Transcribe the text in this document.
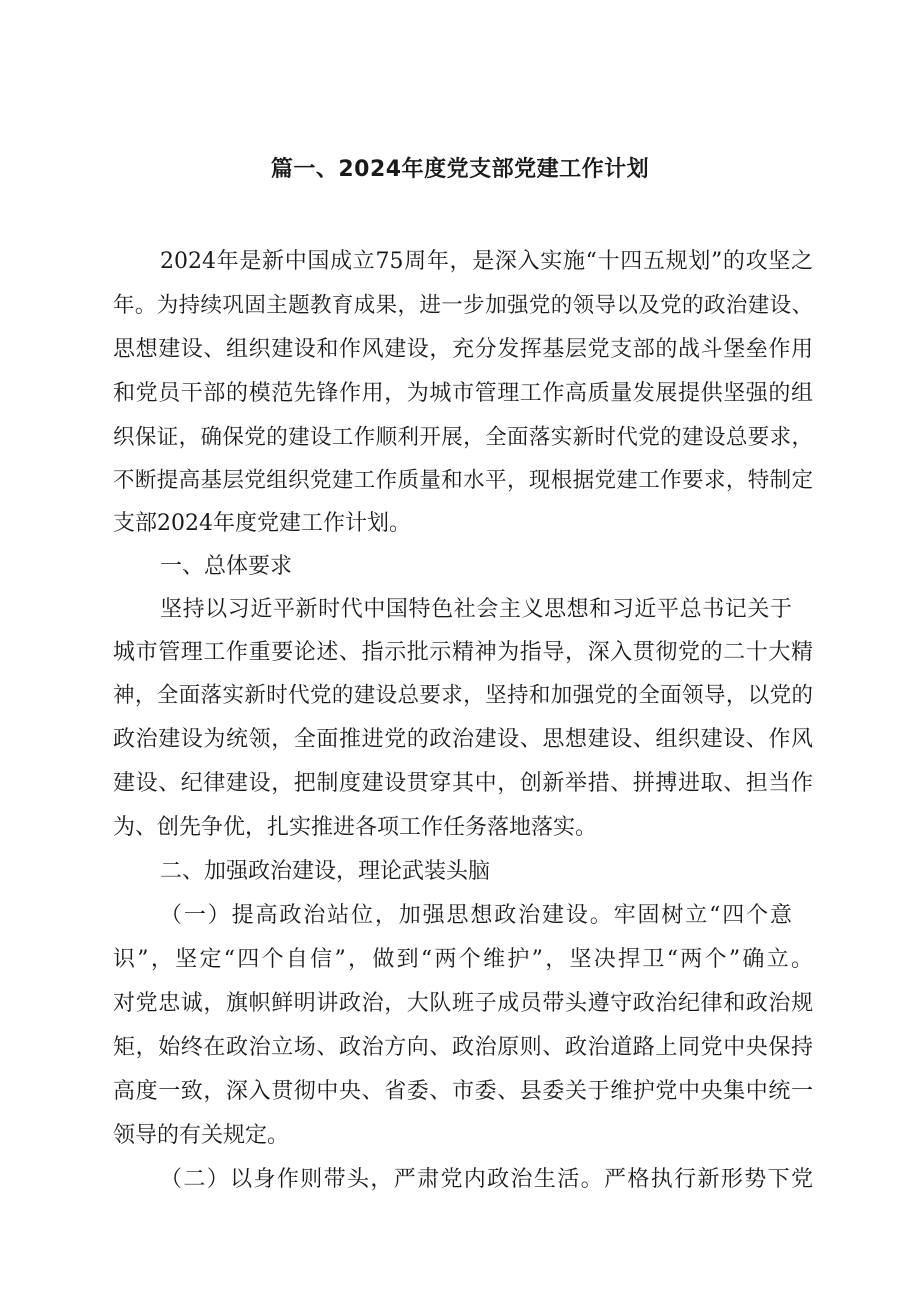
篇一、2024年度党支部党建工作计划
2024年是新中国成立75周年，是深入实施“十四五规划”的攻坚之
年。为持续巩固主题教育成果，进一步加强党的领导以及党的政治建设、
思想建设、组织建设和作风建设，充分发挥基层党支部的战斗堡垒作用
和党员干部的模范先锋作用，为城市管理工作高质量发展提供坚强的组
织保证，确保党的建设工作顺利开展，全面落实新时代党的建设总要求，
不断提高基层党组织党建工作质量和水平，现根据党建工作要求，特制定
支部2024年度党建工作计划。
一、总体要求
坚持以习近平新时代中国特色社会主义思想和习近平总书记关于
城市管理工作重要论述、指示批示精神为指导，深入贯彻党的二十大精
神，全面落实新时代党的建设总要求，坚持和加强党的全面领导，以党的
政治建设为统领，全面推进党的政治建设、思想建设、组织建设、作风
建设、纪律建设，把制度建设贯穿其中，创新举措、拼搏进取、担当作
为、创先争优，扎实推进各项工作任务落地落实。
二、加强政治建设，理论武装头脑
（一）提高政治站位，加强思想政治建设。牢固树立“四个意
识”，坚定“四个自信”，做到“两个维护”，坚决捍卫“两个”确立。
对党忠诚，旗帜鲜明讲政治，大队班子成员带头遵守政治纪律和政治规
矩，始终在政治立场、政治方向、政治原则、政治道路上同党中央保持
高度一致，深入贯彻中央、省委、市委、县委关于维护党中央集中统一
领导的有关规定。
（二）以身作则带头，严肃党内政治生活。严格执行新形势下党
